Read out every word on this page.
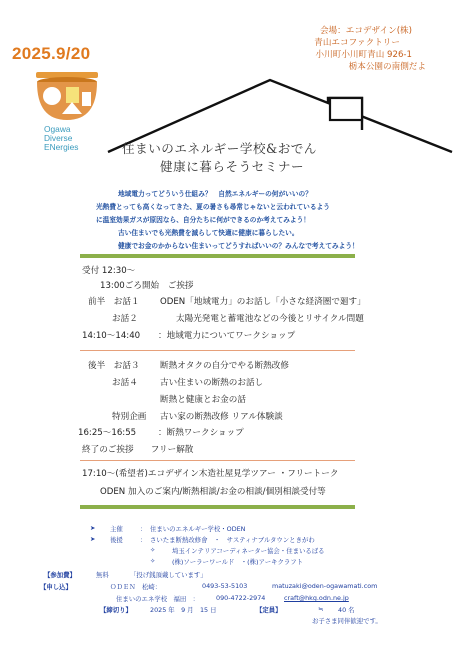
2025.9/20
会場：エコデザイン(株)
青山エコファクトリー
小川町小川町青山 926-1
栃本公園の南側だよ
Ogawa
Diverse
ENergies	住まいのエネルギー学校&おでん
健康に暮らそうセミナー
地域電力ってどういう仕組み？　自然エネルギーの何がいいの？
光熱費とっても高くなってきた、夏の暑さも尋常じゃないと云われているよう
に温室効果ガスが原因なら、自分たちに何ができるのか考えてみよう！
古い住まいでも光熱費を減らして快適に健康に暮らしたい。
健康でお金のかからない住まいってどうすればいいの？みんなで考えてみよう！
受付 12:30～
13:00ごろ開始　ご挨拶
前半　お話１ ODEN「地域電力」のお話し「小さな経済圏で廻す」
お話２	太陽光発電と蓄電池などの今後とリサイクル問題
14:10～14:40 ：地域電力についてワークショップ
後半　お話３ 断熱オタクの自分でやる断熱改修
お話４	古い住まいの断熱のお話し
断熱と健康とお金の話
特別企画 古い家の断熱改修 リアル体験談
16:25～16:55	：断熱ワークショップ
終了のご挨拶　　フリー解散
17:10～(希望者)エコデザイン木造社屋見学ツアー ・フリートーク
ODEN 加入のご案内/断熱相談/お金の相談/個別相談受付等
➤ 主催	： 住まいのエネルギー学校・ODEN
➤ 後援	： さいたま断熱改修會　・　サスティナブルタウンときがわ
✧	埼玉インテリアコーディネーター協会・住まいるばる
✧	(株)ソーラーワールド　・(株)アーキクラフト
【参加費】	無料	「投げ銭頂戴しています」
【申し込】	ＯＤＥＮ　松崎：	0493-53-5103	matuzaki@oden-ogawamati.com
住まいのエネ学校　福田　：	090-4722-2974	craft@hkg.odn.ne.jp
【締切り】	2025 年　9 月　15 日	【定員】	≒ 40 名
お子さま同伴歓迎です。
